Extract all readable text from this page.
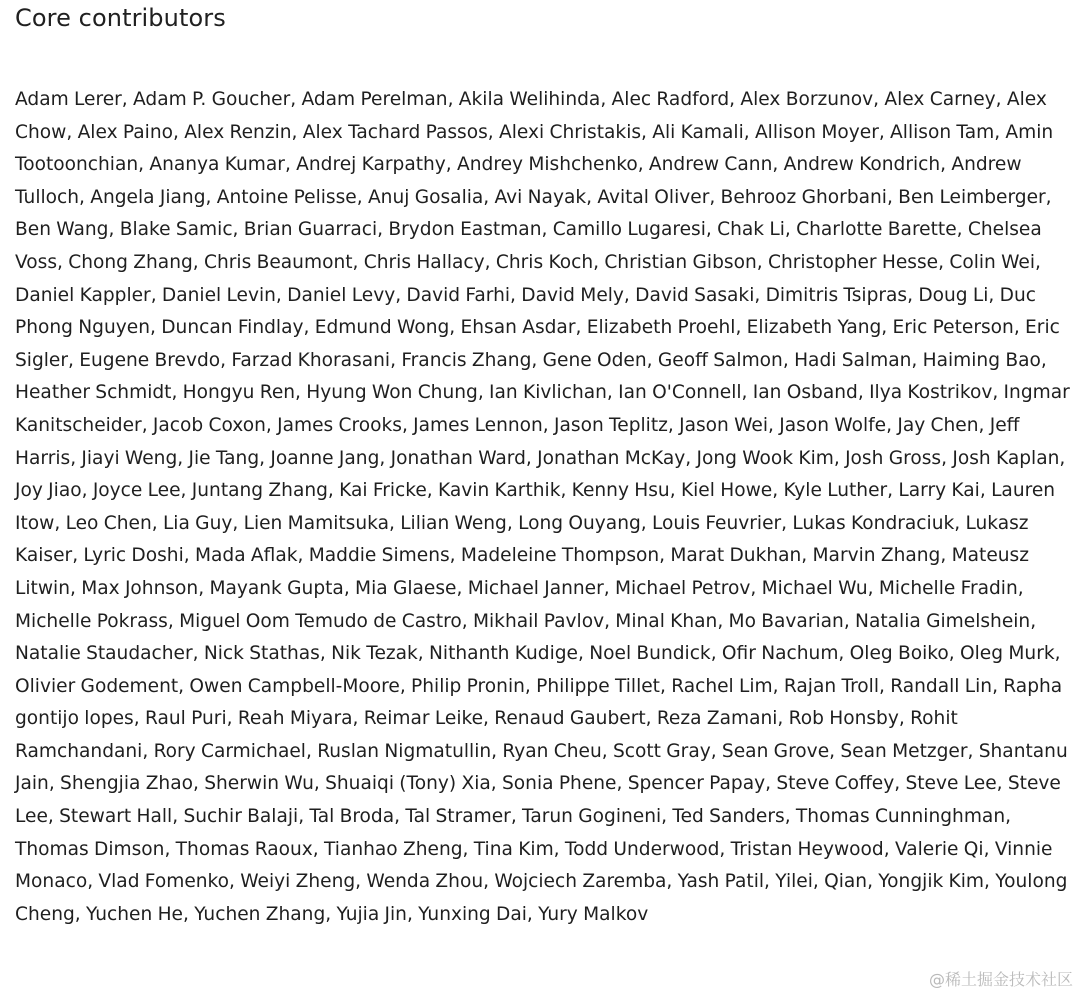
Core contributors

Adam Lerer, Adam P. Goucher, Adam Perelman, Akila Welihinda, Alec Radford, Alex Borzunov, Alex Carney, Alex Chow, Alex Paino, Alex Renzin, Alex Tachard Passos, Alexi Christakis, Ali Kamali, Allison Moyer, Allison Tam, Amin Tootoonchian, Ananya Kumar, Andrej Karpathy, Andrey Mishchenko, Andrew Cann, Andrew Kondrich, Andrew Tulloch, Angela Jiang, Antoine Pelisse, Anuj Gosalia, Avi Nayak, Avital Oliver, Behrooz Ghorbani, Ben Leimberger, Ben Wang, Blake Samic, Brian Guarraci, Brydon Eastman, Camillo Lugaresi, Chak Li, Charlotte Barette, Chelsea Voss, Chong Zhang, Chris Beaumont, Chris Hallacy, Chris Koch, Christian Gibson, Christopher Hesse, Colin Wei, Daniel Kappler, Daniel Levin, Daniel Levy, David Farhi, David Mely, David Sasaki, Dimitris Tsipras, Doug Li, Duc Phong Nguyen, Duncan Findlay, Edmund Wong, Ehsan Asdar, Elizabeth Proehl, Elizabeth Yang, Eric Peterson, Eric Sigler, Eugene Brevdo, Farzad Khorasani, Francis Zhang, Gene Oden, Geoff Salmon, Hadi Salman, Haiming Bao, Heather Schmidt, Hongyu Ren, Hyung Won Chung, Ian Kivlichan, Ian O'Connell, Ian Osband, Ilya Kostrikov, Ingmar Kanitscheider, Jacob Coxon, James Crooks, James Lennon, Jason Teplitz, Jason Wei, Jason Wolfe, Jay Chen, Jeff Harris, Jiayi Weng, Jie Tang, Joanne Jang, Jonathan Ward, Jonathan McKay, Jong Wook Kim, Josh Gross, Josh Kaplan, Joy Jiao, Joyce Lee, Juntang Zhang, Kai Fricke, Kavin Karthik, Kenny Hsu, Kiel Howe, Kyle Luther, Larry Kai, Lauren Itow, Leo Chen, Lia Guy, Lien Mamitsuka, Lilian Weng, Long Ouyang, Louis Feuvrier, Lukas Kondraciuk, Lukasz Kaiser, Lyric Doshi, Mada Aflak, Maddie Simens, Madeleine Thompson, Marat Dukhan, Marvin Zhang, Mateusz Litwin, Max Johnson, Mayank Gupta, Mia Glaese, Michael Janner, Michael Petrov, Michael Wu, Michelle Fradin, Michelle Pokrass, Miguel Oom Temudo de Castro, Mikhail Pavlov, Minal Khan, Mo Bavarian, Natalia Gimelshein, Natalie Staudacher, Nick Stathas, Nik Tezak, Nithanth Kudige, Noel Bundick, Ofir Nachum, Oleg Boiko, Oleg Murk, Olivier Godement, Owen Campbell-Moore, Philip Pronin, Philippe Tillet, Rachel Lim, Rajan Troll, Randall Lin, Rapha gontijo lopes, Raul Puri, Reah Miyara, Reimar Leike, Renaud Gaubert, Reza Zamani, Rob Honsby, Rohit Ramchandani, Rory Carmichael, Ruslan Nigmatullin, Ryan Cheu, Scott Gray, Sean Grove, Sean Metzger, Shantanu Jain, Shengjia Zhao, Sherwin Wu, Shuaiqi (Tony) Xia, Sonia Phene, Spencer Papay, Steve Coffey, Steve Lee, Steve Lee, Stewart Hall, Suchir Balaji, Tal Broda, Tal Stramer, Tarun Gogineni, Ted Sanders, Thomas Cunninghman, Thomas Dimson, Thomas Raoux, Tianhao Zheng, Tina Kim, Todd Underwood, Tristan Heywood, Valerie Qi, Vinnie Monaco, Vlad Fomenko, Weiyi Zheng, Wenda Zhou, Wojciech Zaremba, Yash Patil, Yilei, Qian, Yongjik Kim, Youlong Cheng, Yuchen He, Yuchen Zhang, Yujia Jin, Yunxing Dai, Yury Malkov

@稀土掘金技术社区
